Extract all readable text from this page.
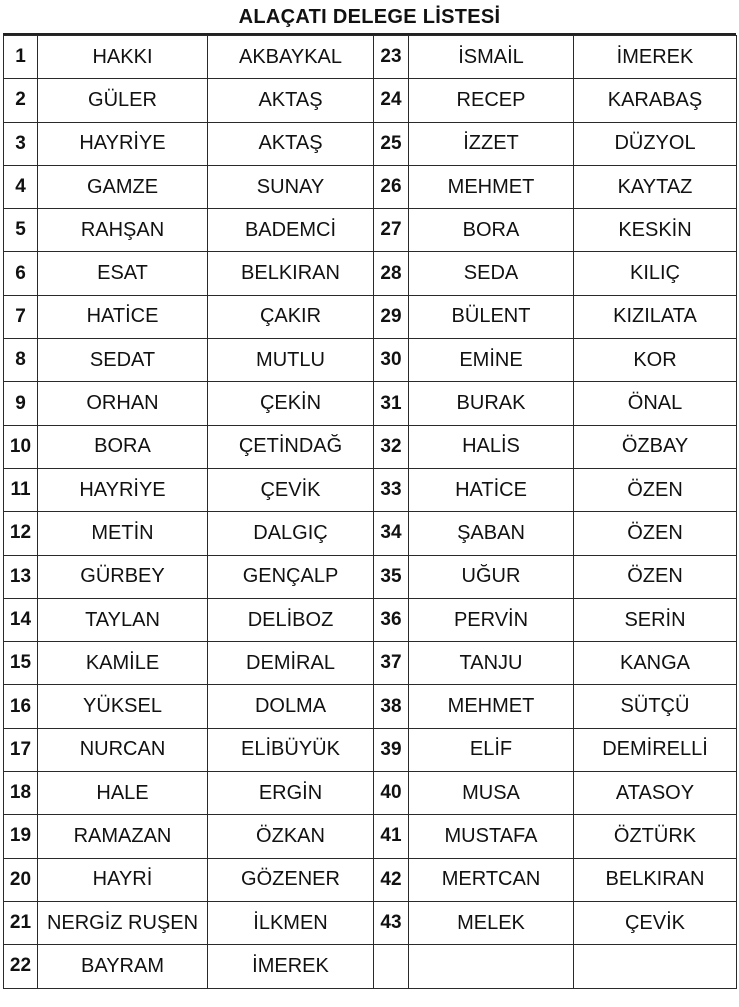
ALAÇATI DELEGE LİSTESİ
1	HAKKI	AKBAYKAL	23	İSMAİL	İMEREK
2	GÜLER	AKTAŞ	24	RECEP	KARABAŞ
3	HAYRİYE	AKTAŞ	25	İZZET	DÜZYOL
4	GAMZE	SUNAY	26	MEHMET	KAYTAZ
5	RAHŞAN	BADEMCİ	27	BORA	KESKİN
6	ESAT	BELKIRAN	28	SEDA	KILIÇ
7	HATİCE	ÇAKIR	29	BÜLENT	KIZILATA
8	SEDAT	MUTLU	30	EMİNE	KOR
9	ORHAN	ÇEKİN	31	BURAK	ÖNAL
10	BORA	ÇETİNDAĞ	32	HALİS	ÖZBAY
11	HAYRİYE	ÇEVİK	33	HATİCE	ÖZEN
12	METİN	DALGIÇ	34	ŞABAN	ÖZEN
13	GÜRBEY	GENÇALP	35	UĞUR	ÖZEN
14	TAYLAN	DELİBOZ	36	PERVİN	SERİN
15	KAMİLE	DEMİRAL	37	TANJU	KANGA
16	YÜKSEL	DOLMA	38	MEHMET	SÜTÇÜ
17	NURCAN	ELİBÜYÜK	39	ELİF	DEMİRELLİ
18	HALE	ERGİN	40	MUSA	ATASOY
19	RAMAZAN	ÖZKAN	41	MUSTAFA	ÖZTÜRK
20	HAYRİ	GÖZENER	42	MERTCAN	BELKIRAN
21	NERGİZ RUŞEN	İLKMEN	43	MELEK	ÇEVİK
22	BAYRAM	İMEREK			
